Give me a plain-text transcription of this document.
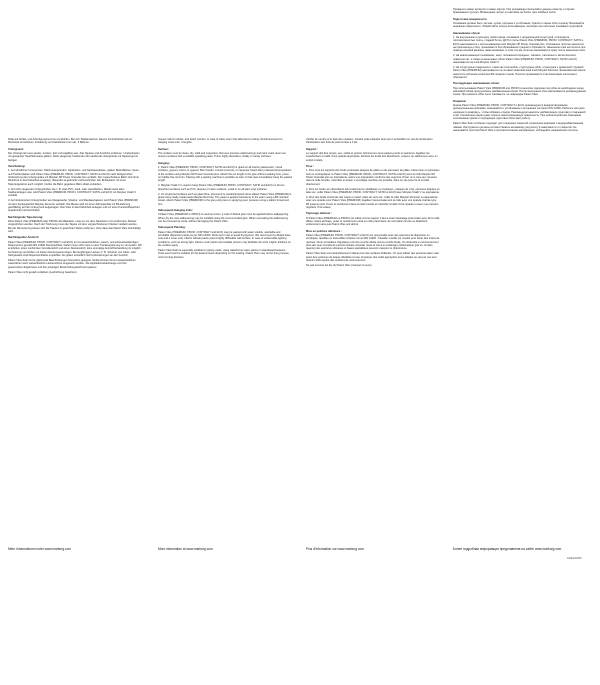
Rolle auf Artikel- und Anfertigungsnummer empfohlen. Bei evtl. Reklamationen diesem Kontrollzettel und ein Reststück einschicken. Erstattung von Klebeleisten bis max. 3 Bahnen.

Untergrund:

Der Untergrund muss sauber, trocken, fest und tragfähig sein. Alte Tapeten und Anstriche entfernen. Unebenheiten mit geeigneter Spachtelmasse glätten. Stark saugende, kreidende oder sandende Untergründe mit Tapetengrund festigen.

Verarbeitung:

1. Auf sämtlichen Innenputzen, Mischuntergründen, Gipskarton- und Gipsfaserplatten, glatten Betonflächen, Span- und Tischlerplatten wird Patent Vlies (PREMIUM, PROFI, CONTRACT, SATIN und ECO) nach fachgerechter Vorbereitung des Untergrundes mit Metylan NP Power Granulat plus verklebt. Der zugeschnittene Bahn wird ohne Weichzeit in das Kleberbett eingelegt, blasenfrei angedrückt und beschnitten. Ein Einkleistern mit einer Tapeziergerät ist auch möglich, hierbei die Bahn gegebene Bahn direkt verkleben.

2. Auf nicht saugenden Untergründen wie z. B. Hart-PVC, Lack- oder Latexflächen, Metall sowie allen Stadtunterlagen usw. wird Patent Vlies (PREMIUM, PROFI, CONTRACT, SATIN und ECO) mit Metylan Ovalit V verklebt.

3. Auf strukturierten Untergründen wie Glasgewebe, Struktur- und Raufasertapeten wird Patent Vlies (PREMIUM) mit dem Fertigspachtel Metylan Renovier verklebt. Die Masse wird mit einer Zahnspachtel mit B3-Zahnung ganzflächig auf den Untergrund aufgetragen. Das Vlies in das Kleberbett einlegen und mit einer Kunststoffspachtel angedrückt und beschnitten.

Nachfolgende Tapezierung:

Dient Patent Vlies (PREMIUM oder PROFI) als Makulatur, muss es vor dem Tapezieren mit verdünntem Kleister vorgestrichen werden. Nach der Trocknung muss die Tapete mit dem vorgeschriebenen Kleister verklebt werden. Bei der Renovierung lassen sich die Tapeten in gewohnter Weise entfernen, ohne dass das Patent Vlies beschädigt wird.

Nachfolgender Anstrich:

Patent Vlies (PREMIUM, PROFI, CONTRACT und ECO) ist mit wasserlöslichen, wasch- und scheuerbeständigen Dispersionen gemäß DIN 13300 überstreichbar. Daher muss nicht nass in nass Trockenspannung zu vermeiden. Wir empfehlen einen verdünnten Grundanstrich und einen Deckanstrich. Eine einmalige Anstrichbehandlung ist möglich bei Nutzung von Rollen mit hohem Deckungsvermögen. Bei langflorigen Lacken (z. B. Struktur) von Gitter- oder Netzgewebe sind Dispersionsfarbe empfohlen. Es gelten einheitlich nicht Anforderungen an den Anstrich.

Patent Vlies Satin ist für glänzende Beschichtungen besonders geeignet, feinfär können feinen wasserlöslichen Latexfarben auch wasserlösliche Lackanstriche eingesetzt werden. Die Applikationswerkzeuge und ihre gewünschten Ergebnisse und den jeweiligen Beschichtungsstoff anzupassen.

Patent Vlies nicht gestalt verkleben (Laufrichtung beachten).

Inspect rolls for article- and batch number. In case of claim return this label and a cutting. Reimbursement for hanging costs max. 3 lengths.

Surface:

The surface must be clean, dry, solid and supportive. Remove previous wallcoverings and paint coats. Even out uneven surfaces with a suitable spackling paste. Prime highly absorbent, chalky or sandy surfaces.

Hanging:

1. Patent Vlies (PREMIUM, PROFI, CONTRACT, SATIN and ECO) is glued on all interior plasterwork, mixed surfaces, gypsum carton or gypsum fibre boards, smooth concrete, or carpenter board after professional preparation of the surface using Metylan NP Power Granulat plus. Attach the cut length to the glue without soaking time, press on bubble free and trim. Pasting with a pasting machine is possible as well, in that case immediately hang the pasted length.

2. Metylan Ovalit V is used to hang Patent Vlies (PREMIUM, PROFI, CONTRACT, SATIN and ECO) on all non absorbent surfaces such as PVC, lacquer or Latex surfaces, metal or on all plain vinyl surfaces.

3. On structured surfaces such as glass fibre, structured or woodchip/wood stone plaster Patent Vlies (PREMIUM) is glued using ready-made paste Metylan Renovier. The paste is applied transverse to the seam using a B3 notched trowel. Attach Patent Vlies (PREMIUM) to the glue and press on applying even pressure using a plastic trowel and trim.

Subsequent Hanging Jobs:

If Patent Vlies (PREMIUM or PROFI) is used as a liner, a coat of diluted glue must be applied before wallpapering. When dry the new wallcovering may be installed using the recommended glue. When renovating the wallcovering can be removed as usual, without damaging the Patent Vlies.

Subsequent Painting:

Patent Vlies (PREMIUM, PROFI, CONTRACT and ECO) may be painted with water soluble, washable and scrubable dispersion paints as per DIN 13300. Work wet in wet to avoid drying lines. We recommend a diluted base coat and a cover coat. Inferior silicate paints yield a highly diffusable wall surface. In case of unfavorable lighting conditions, such as strong light, silicone resin paints and suitable primers may facilitate the work. Higher dilutions on the surface apply.

Patent Vlies Satin is especially suitable for glossy coats, using waterborne Latex paints or waterbased lacquers. Tools used must be suitable for the desired result depending on the coating. Patent Vlies may not be hung inverse, mind running direction.

Vérifier la numéro et le bain des rouleaux. Joindre cette étiquette ainsi qu’un échantillon en cas de réclamation. Participation aux frais de pose limitée à 3 lés.

Support :

Le support doit être propre, sec, solide et porteur. Eliminer les vieux papiers peints et peintures. Egaliser les imperfections à l’aide d’une spatule appropriée. Enduire les fonds très absorbants, crayeux ou sablonneux avec un enduit modelé.

Pose :

1. Pour tous les supports tels fonds contrastés plaques de plâtre ou de panneaux de plâtre, béton lisse ou panneaux bois ou contreplaqué, le Patent Vlies (PREMIUM, PROFI, CONTRACT, SATIN et ECO) avec la colle Metylan NP Power Granulat plus ou équivalente, après une préparation conforme des supports. Poser un à coup aux mesures dans la colle humide, maroufler et araser. L’encollage machine est possible, dans ce cas poser le lé encollé directement.

2. Pour les fonds non absorbants tels revêtements métalliques ou vinyliques ; plaques de vinyl, peintures laquées ou latex etc. coller Patent Vlies (PREMIUM, PROFI, CONTRACT, SATIN et ECO) avec Metylan Ovalit V ou équivalente.

3. Pour des fonds structurés tels crépis ou relief, toiles de verre etc. coller la colle Metylan Renovier ou équivalente avec une spatule pour Patent Vlies (PREMIUM). Egaliser transversalement la colle avec une spatule crantée type B3 jusqu’au joint. Poser le revêtement dans la colle humide et maroufler à l’aide d’une spatule et avec une pression régulière. Puis araser.

Tapissage ultérieur :

Si Patent Vlies (PREMIUM ou PROFI) est utilisé comme apprêt, il faut à avant tapissage préencoller avec de la colle diluée. Après séchage, poser le revêtement mural en colle préconisée. En rénovation les lés se détachent, entièrement sans que Patent Vlies soit abîmé.

Mise en peinture ultérieure :

Patent Vlies (PREMIUM, PROFI, CONTRACT et ECO) est recouvrable avec des peintures de dispersion ou acryliques, lavables ou lessivables d’après norme DIN 13300. Travailler mouillé sur mouillé pour éviter des traces de reprises. Nous conseillons d’appliquer une fine couche diluée puis la couche finale. On obtiendra un environnement plus sain avec l’emploi de peinture silicate minérale. Dans le cas d’un éclairage problématique (par ex. lumière rasante) des peintures siloxanes et bases spécialistes peuvent masquer ce phénomène.

Patent Vlies Satin est particulièrement indiqué pour des surfaces brillantes. On peut utiliser des peintures latex mais aussi des systèmes de laques diluables à l’eau. Employer des outils appropriés et les adapter au cas par cas pour obtenir l’effet espéré des surfaces de recouvrement.

Ne pas inverser les lés de Patent Vlies (marquer le sens).

Проверьте номер артикула и номер партии. При рекламации присылайте данную этикетку и отрезок бракованного рулона. Возмещение затрат по наклейке не более трёх обойных полос.

Подготовка поверхности:

Основание должно быть чистым, сухим, прочным и устойчивым. Удалите старые обои и краску. Выровняйте неровные поверхности. Обработайте сильно впитывающие, мелящие или песочные основания грунтовкой.

Наклеивание обоев:

1. На внутреннюю штукатурку любого вида, основания с неоднородной структурой, гипсокартон, гипсоволокнистые плиты, гладкий бетон, ДСП и плиты Patent Vlies (PREMIUM, PROFI, CONTRACT, SATIN и ECO) наклеиваются с использованием клея Metylan NP Power Granulat plus. Отрезанное полотно наносится на приклеенную стену, прижимается без образования пузырей и обрезается. Нанесение клея на полотно при помощи клеевой машины также возможно, в этом случае полотно наклеивается сразу после нанесения клея.

2. На невпитывающих основаниях, напр. поливинилхлоридных, лаковых, латексных и металлических поверхностях, а также на виниловых обоях Patent Vlies (PREMIUM, PROFI, CONTRACT, SATIN и ECO) наклеивается на клей Metylan Ovalit V.

3. На структурные поверхности, такие как стеклообои, структурные обои, штукатурка с древесной стружкой Patent Vlies (PREMIUM) наклеивается на готовый шпаклёвочный клей Metylan Renovier. Шпаклёвочная масса наносится зубчатым шпателем B3 поперёк стыков. Полотно прижимается пластмассовым шпателем и обрезается.

Последующее наклеивание обоев:

При использовании Patent Vlies (PREMIUM или PROFI) в качестве подложки под обои её необходимо перед наклейкой обоев прогрунтовать разбавленным клеем. После высыхания обои наклеиваются рекомендуемым клеем. При ремонте обои легко снимаются, не повреждая Patent Vlies.

Покраска:

Краска Patent Vlies (PREMIUM, PROFI, CONTRACT и ECO) рекомендуется водорастворимыми дисперсионными красками, моющимися и устойчивыми к истиранию согласно DIN 13300. Работать методом «мокрым по мокрому», чтобы избежать следов. Рекомендуем наносить разбавленную грунтовку и покрывной слой. Силикатные краски дают хорошо паропроницаемую поверхность. При неблагоприятном освещении силиконовые краски и подходящие грунтовки облегчают работу.

Patent Vlies Satin особенно подходит для глянцевых покрытий латексными красками и водоразбавляемыми лаками. Инструменты должны соответствовать желаемому результату в зависимости от покрытия. Не наклеивайте полотна Patent Vlies в противоположном направлении, соблюдайте направление полотна.

Mehr Informationen unter www.marburg.com	More information at www.marburg.com	Plus d’information sur www.marburg.com	Более подробная информация представлена на сайте www.marburg.com
0119/12/2019
